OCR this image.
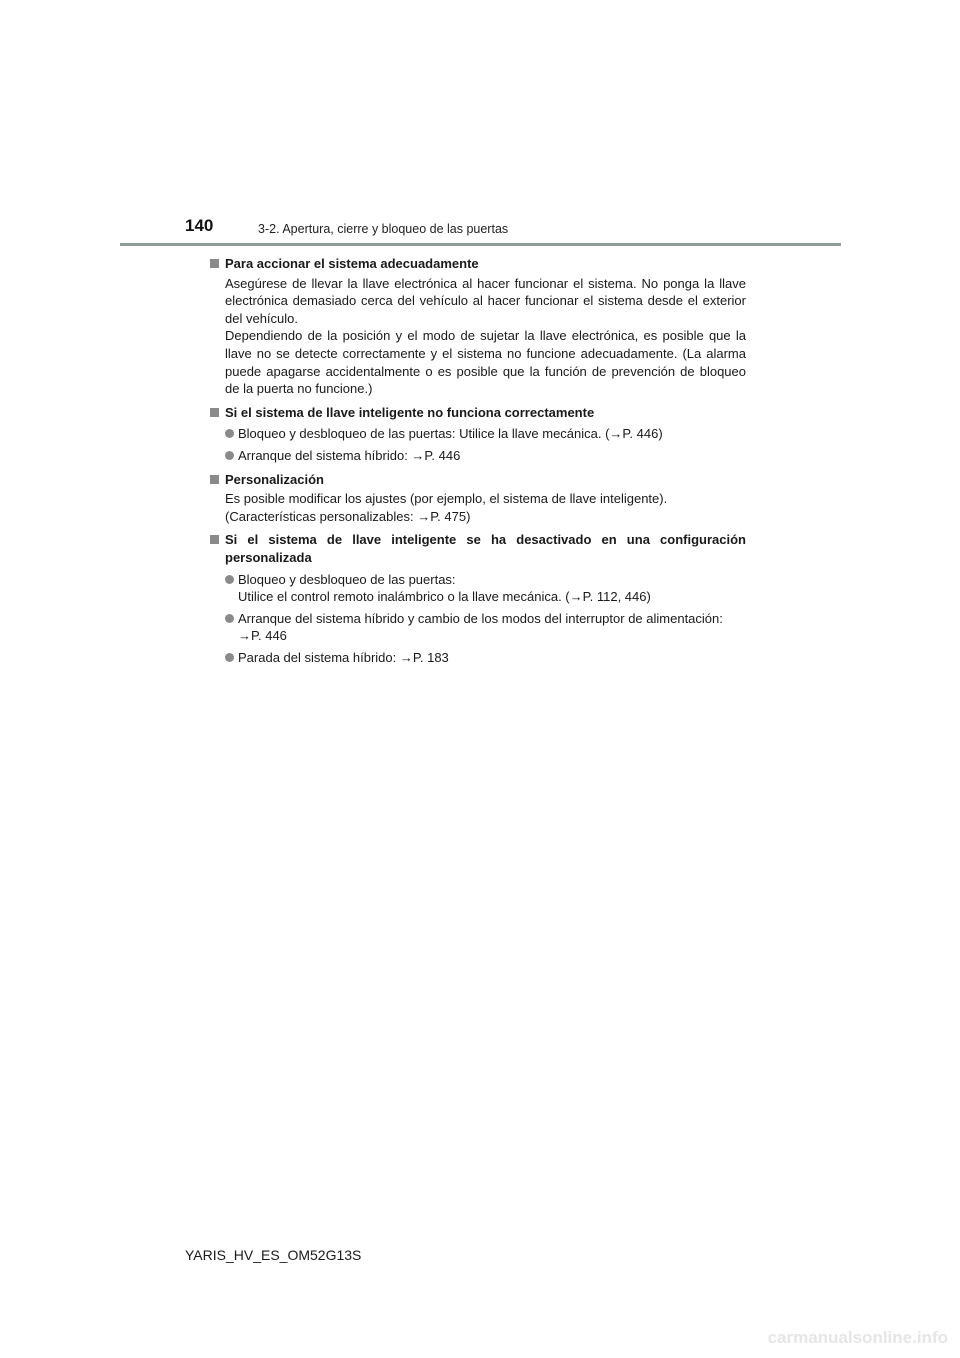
140	3-2. Apertura, cierre y bloqueo de las puertas
Para accionar el sistema adecuadamente
Asegúrese de llevar la llave electrónica al hacer funcionar el sistema. No ponga la llave electrónica demasiado cerca del vehículo al hacer funcionar el sistema desde el exterior del vehículo.
Dependiendo de la posición y el modo de sujetar la llave electrónica, es posible que la llave no se detecte correctamente y el sistema no funcione adecuadamente. (La alarma puede apagarse accidentalmente o es posible que la función de prevención de bloqueo de la puerta no funcione.)
Si el sistema de llave inteligente no funciona correctamente
Bloqueo y desbloqueo de las puertas: Utilice la llave mecánica. (→P. 446)
Arranque del sistema híbrido: →P. 446
Personalización
Es posible modificar los ajustes (por ejemplo, el sistema de llave inteligente).
(Características personalizables: →P. 475)
Si el sistema de llave inteligente se ha desactivado en una configuración personalizada
Bloqueo y desbloqueo de las puertas:
Utilice el control remoto inalámbrico o la llave mecánica. (→P. 112, 446)
Arranque del sistema híbrido y cambio de los modos del interruptor de alimentación: →P. 446
Parada del sistema híbrido: →P. 183
YARIS_HV_ES_OM52G13S
carmanualsonline.info
